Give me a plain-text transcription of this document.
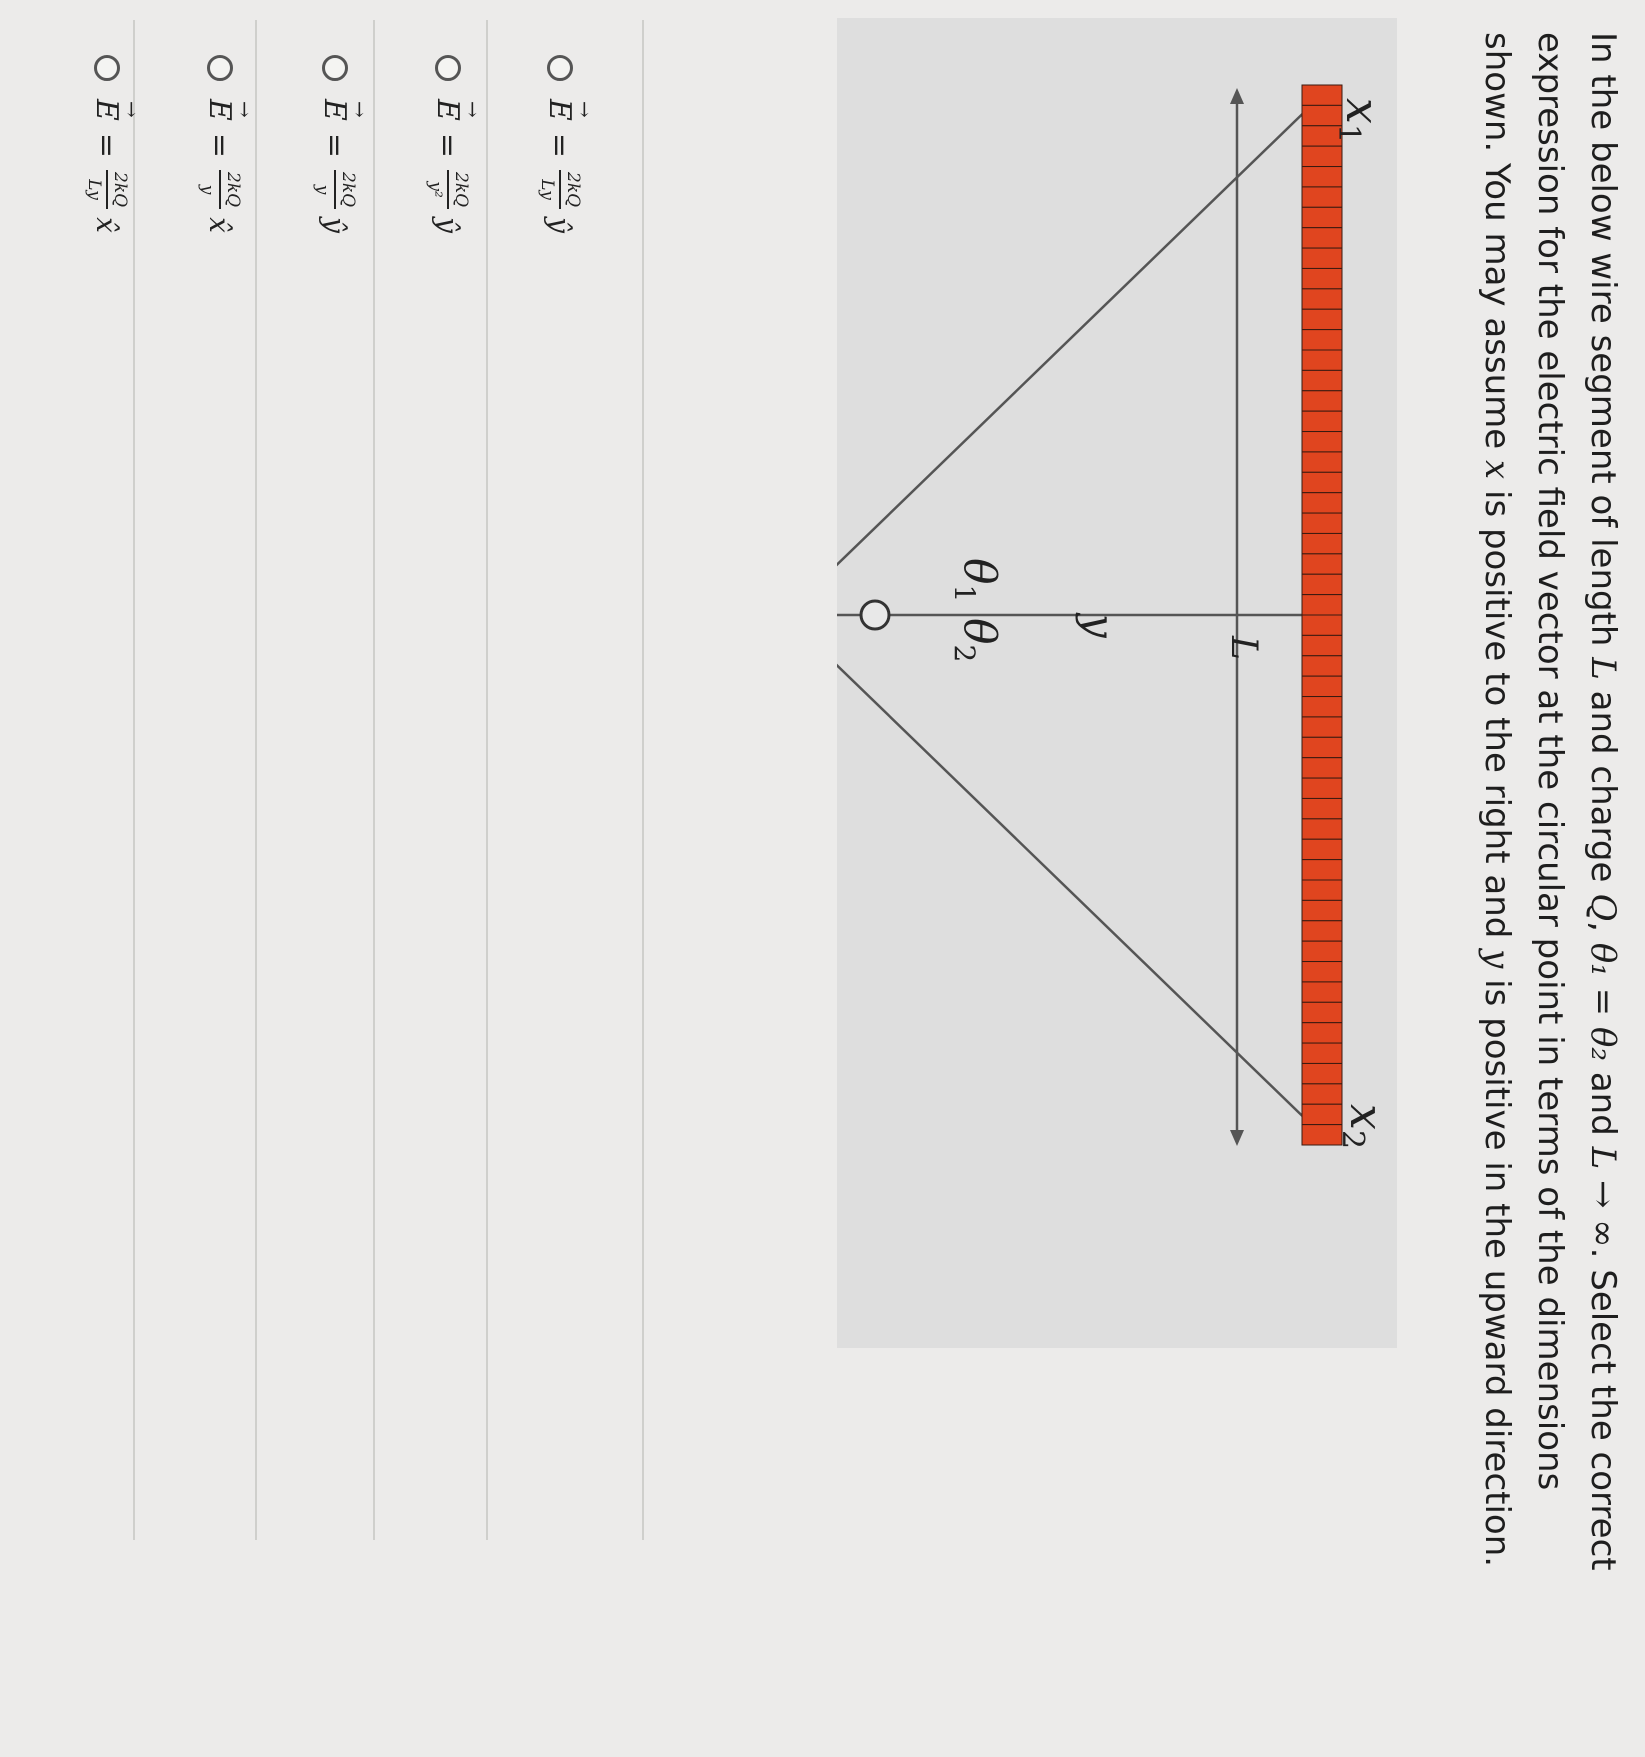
In the below wire segment of length L and charge Q, θ₁ = θ₂ and L → ∞. Select the correct expression for the electric field vector at the circular point in terms of the dimensions shown. You may assume x is positive to the right and y is positive in the upward direction.

x1
x2
L
y
$\theta_1$
$\theta_2$
→ E
=
2kQ
Ly
ŷ
→ E
=
2kQ
y²
ŷ
→ E
=
2kQ
y
ŷ
→ E
=
2kQ
y
x̂
→ E
=
2kQ
Ly
x̂
